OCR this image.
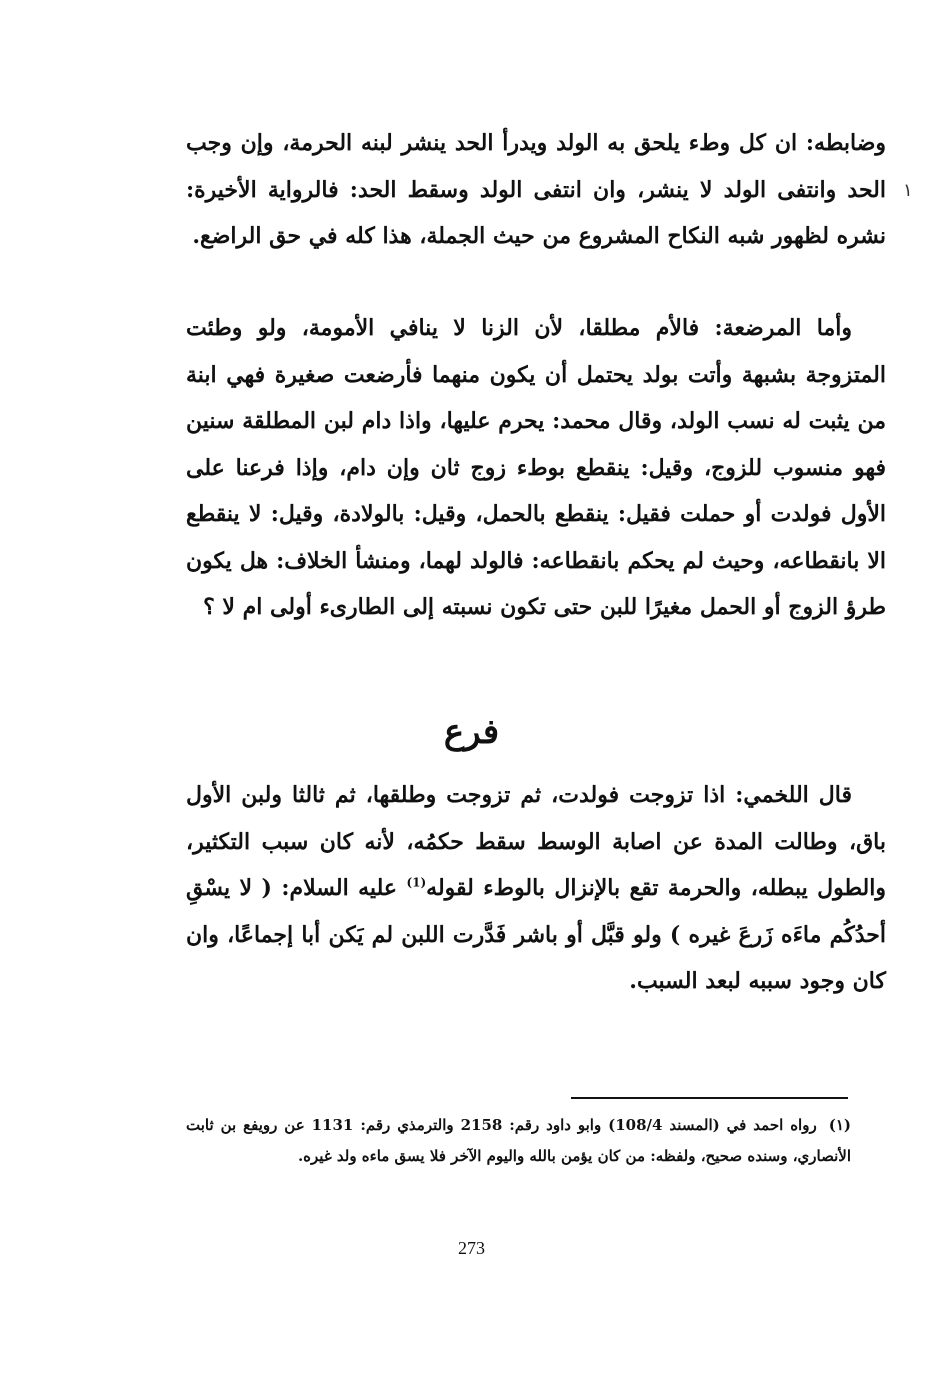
وضابطه: ان كل وطء يلحق به الولد ويدرأ الحد ينشر لبنه الحرمة، وإن وجب الحد وانتفى الولد لا ينشر، وان انتفى الولد وسقط الحد: فالرواية الأخيرة: نشره لظهور شبه النكاح المشروع من حيث الجملة، هذا كله في حق الراضع.

١

وأما المرضعة: فالأم مطلقا، لأن الزنا لا ينافي الأمومة، ولو وطئت المتزوجة بشبهة وأتت بولد يحتمل أن يكون منهما فأرضعت صغيرة فهي ابنة من يثبت له نسب الولد، وقال محمد: يحرم عليها، واذا دام لبن المطلقة سنين فهو منسوب للزوج، وقيل: ينقطع بوطء زوج ثان وإن دام، وإذا فرعنا على الأول فولدت أو حملت فقيل: ينقطع بالحمل، وقيل: بالولادة، وقيل: لا ينقطع الا بانقطاعه، وحيث لم يحكم بانقطاعه: فالولد لهما، ومنشأ الخلاف: هل يكون طرؤ الزوج أو الحمل مغيرًا للبن حتى تكون نسبته إلى الطارىء أولى ام لا ؟

فرع

قال اللخمي: اذا تزوجت فولدت، ثم تزوجت وطلقها، ثم ثالثا ولبن الأول باق، وطالت المدة عن اصابة الوسط سقط حكمُه، لأنه كان سبب التكثير، والطول يبطله، والحرمة تقع بالإنزال بالوطء لقوله$^{(1)}$ عليه السلام: ( لا يسْقِ أحدُكُم ماءَه زَرعَ غيره ) ولو قبَّل أو باشر فَدَّرت اللبن لم يَكن أبا إجماعًا، وان كان وجود سببه لبعد السبب.

(١)رواه احمد في (المسند 108/4) وابو داود رقم: 2158 والترمذي رقم: 1131 عن رويفع بن ثابت الأنصاري، وسنده صحيح، ولفظه: من كان يؤمن بالله واليوم الآخر فلا يسق ماءه ولد غيره.

273
